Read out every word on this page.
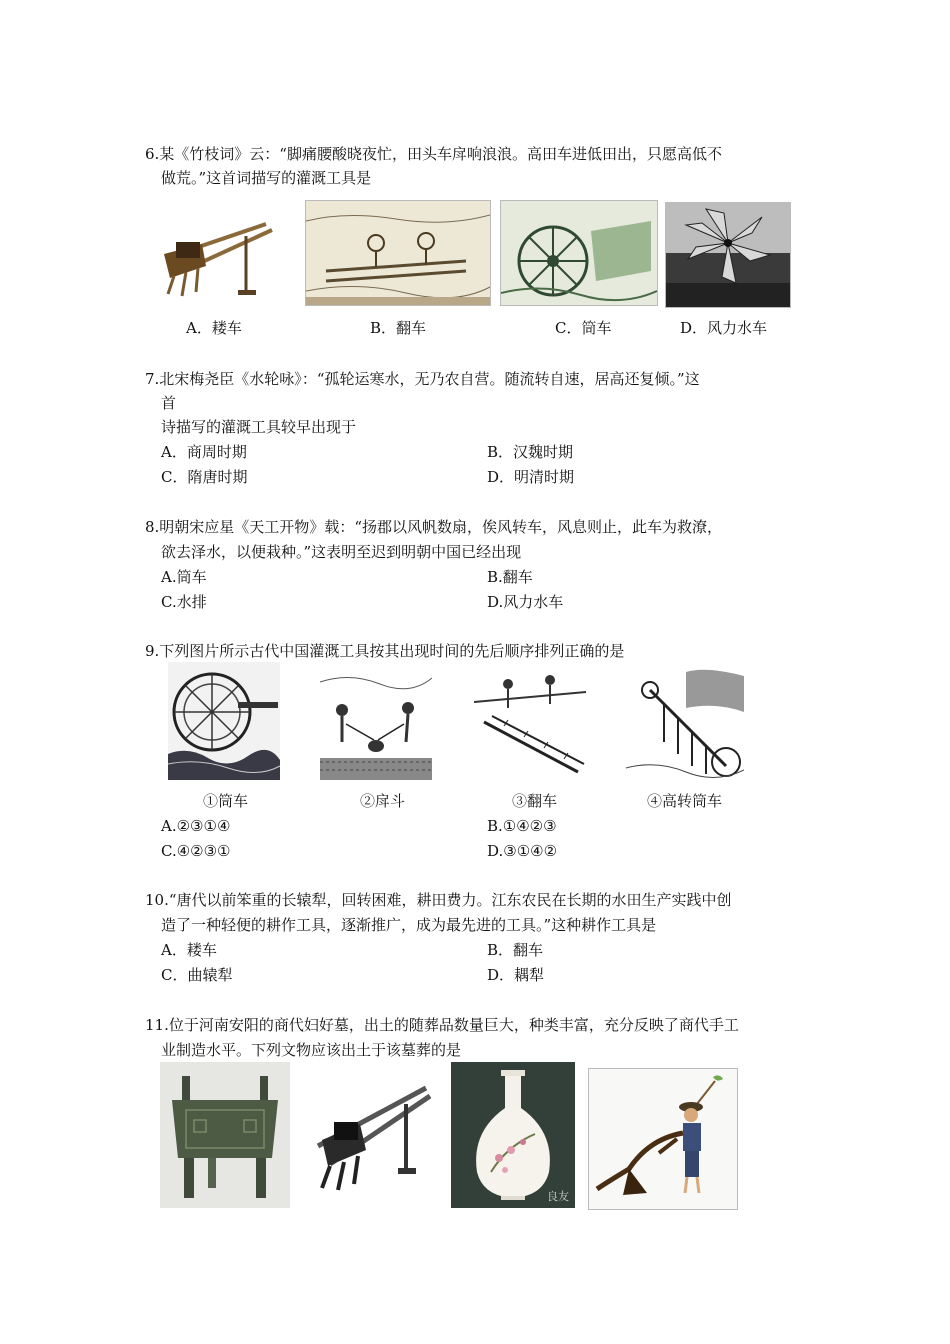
6.某《竹枝词》云：“脚痛腰酸晓夜忙，田头车戽响浪浪。高田车进低田出，只愿高低不
做荒。”这首词描写的灌溉工具是
A．耧车	B．翻车	C．筒车	D．风力水车
7.北宋梅尧臣《水轮咏》：“孤轮运寒水，无乃农自营。随流转自速，居高还复倾。”这
首
诗描写的灌溉工具较早出现于
A．商周时期	B．汉魏时期
C．隋唐时期	D．明清时期
8.明朝宋应星《天工开物》载：“扬郡以风帆数扇，俟风转车，风息则止，此车为救潦，
欲去泽水，以便栽种。”这表明至迟到明朝中国已经出现
A.筒车	B.翻车
C.水排	D.风力水车
9.下列图片所示古代中国灌溉工具按其出现时间的先后顺序排列正确的是
①筒车	②戽斗	③翻车	④高转筒车
A.②③①④	B.①④②③
C.④②③①	D.③①④②
10.“唐代以前笨重的长辕犁，回转困难，耕田费力。江东农民在长期的水田生产实践中创
造了一种轻便的耕作工具，逐渐推广，成为最先进的工具。”这种耕作工具是
A．耧车	B．翻车
C．曲辕犁	D．耦犁
11.位于河南安阳的商代妇好墓，出土的随葬品数量巨大，种类丰富，充分反映了商代手工
业制造水平。下列文物应该出土于该墓葬的是
良友
